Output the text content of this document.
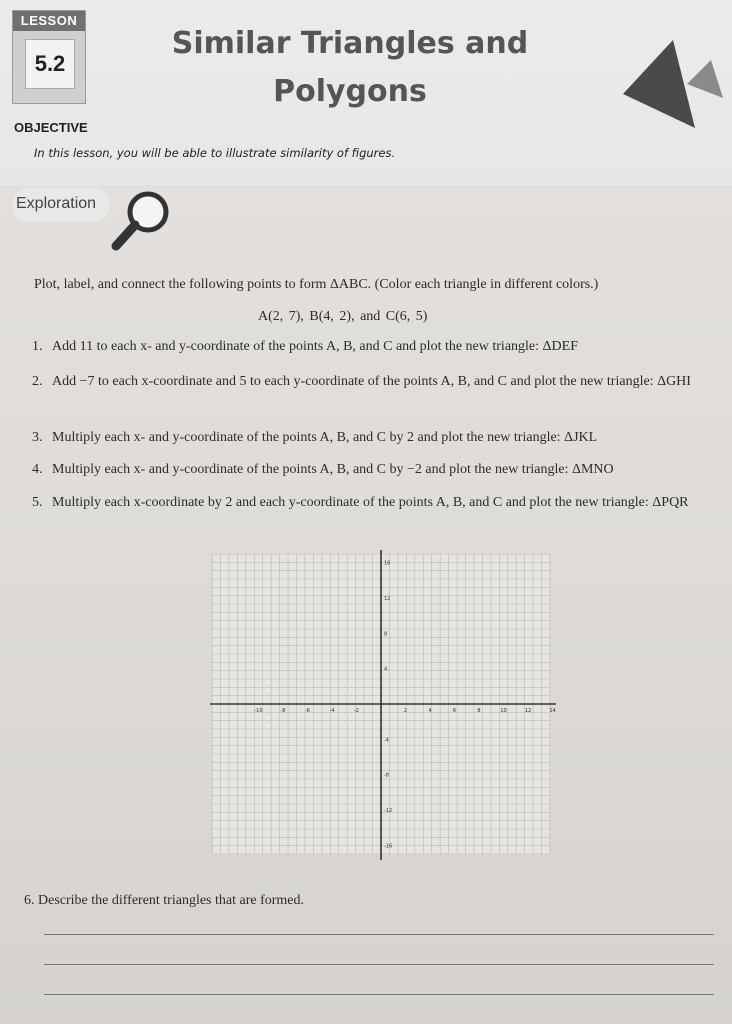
LESSON
5.2
Similar Triangles and
Polygons
OBJECTIVE
In this lesson, you will be able to illustrate similarity of figures.
Exploration
Plot, label, and connect the following points to form ΔABC. (Color each triangle in different colors.)
A(2, 7), B(4, 2), and C(6, 5)
1. Add 11 to each x- and y-coordinate of the points A, B, and C and plot the new triangle: ΔDEF
2. Add −7 to each x-coordinate and 5 to each y-coordinate of the points A, B, and C and plot the new triangle: ΔGHI
3. Multiply each x- and y-coordinate of the points A, B, and C by 2 and plot the new triangle: ΔJKL
4. Multiply each x- and y-coordinate of the points A, B, and C by −2 and plot the new triangle: ΔMNO
5. Multiply each x-coordinate by 2 and each y-coordinate of the points A, B, and C and plot the new triangle: ΔPQR
-10	-8	-6	-4	-2	2	4	6	8	10	12	14
16
12
8
4
-4
-8
-12
-16
6. Describe the different triangles that are formed.
